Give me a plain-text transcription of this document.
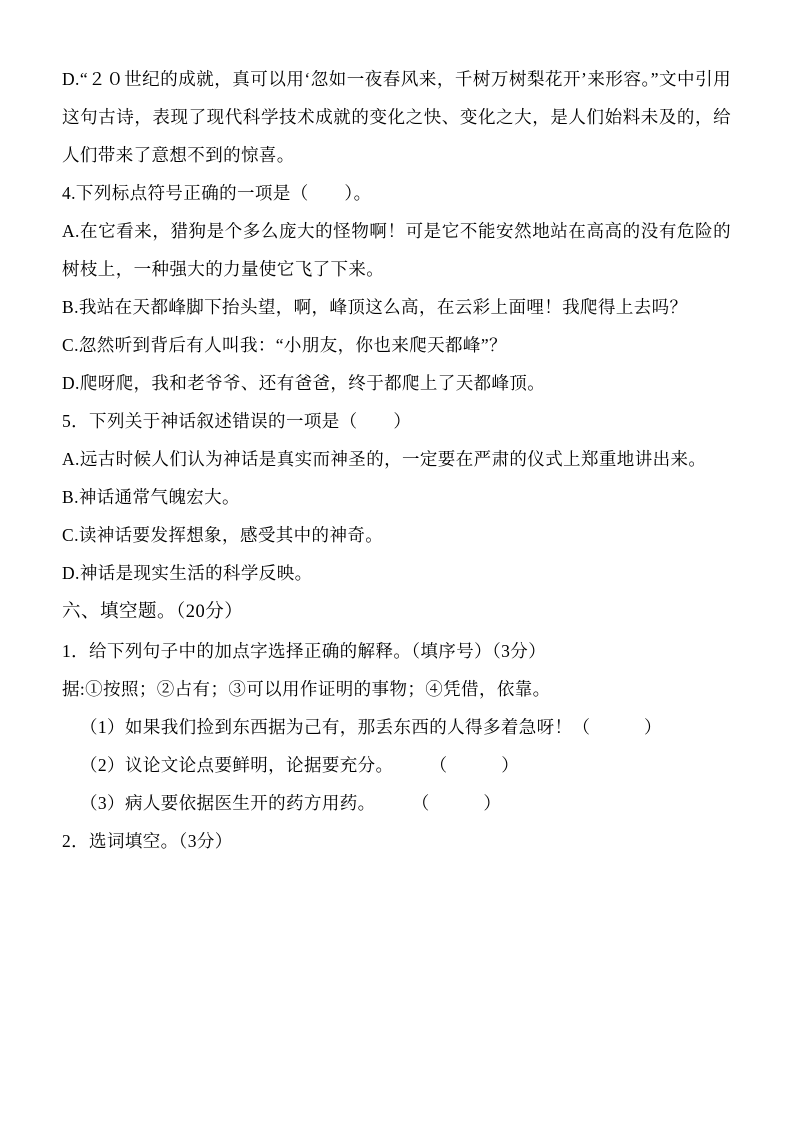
D.“２０世纪的成就，真可以用‘忽如一夜春风来，千树万树梨花开’来形容。”文中引用这句古诗，表现了现代科学技术成就的变化之快、变化之大，是人们始料未及的，给人们带来了意想不到的惊喜。

4.下列标点符号正确的一项是（　　）。

A.在它看来，猎狗是个多么庞大的怪物啊！可是它不能安然地站在高高的没有危险的树枝上，一种强大的力量使它飞了下来。

B.我站在天都峰脚下抬头望，啊，峰顶这么高，在云彩上面哩！我爬得上去吗？

C.忽然听到背后有人叫我：“小朋友，你也来爬天都峰”？

D.爬呀爬，我和老爷爷、还有爸爸，终于都爬上了天都峰顶。

5．下列关于神话叙述错误的一项是（　　）

A.远古时候人们认为神话是真实而神圣的，一定要在严肃的仪式上郑重地讲出来。

B.神话通常气魄宏大。

C.读神话要发挥想象，感受其中的神奇。

D.神话是现实生活的科学反映。

六、填空题。（20分）

1．给下列句子中的加点字选择正确的解释。（填序号）（3分）

据:①按照；②占有；③可以用作证明的事物；④凭借，依靠。

（1）如果我们捡到东西据为己有，那丢东西的人得多着急呀！（　　　）

（2）议论文论点要鲜明，论据要充分。　　　（　　　）

（3）病人要依据医生开的药方用药。　　　（　　　）

2．选词填空。（3分）
